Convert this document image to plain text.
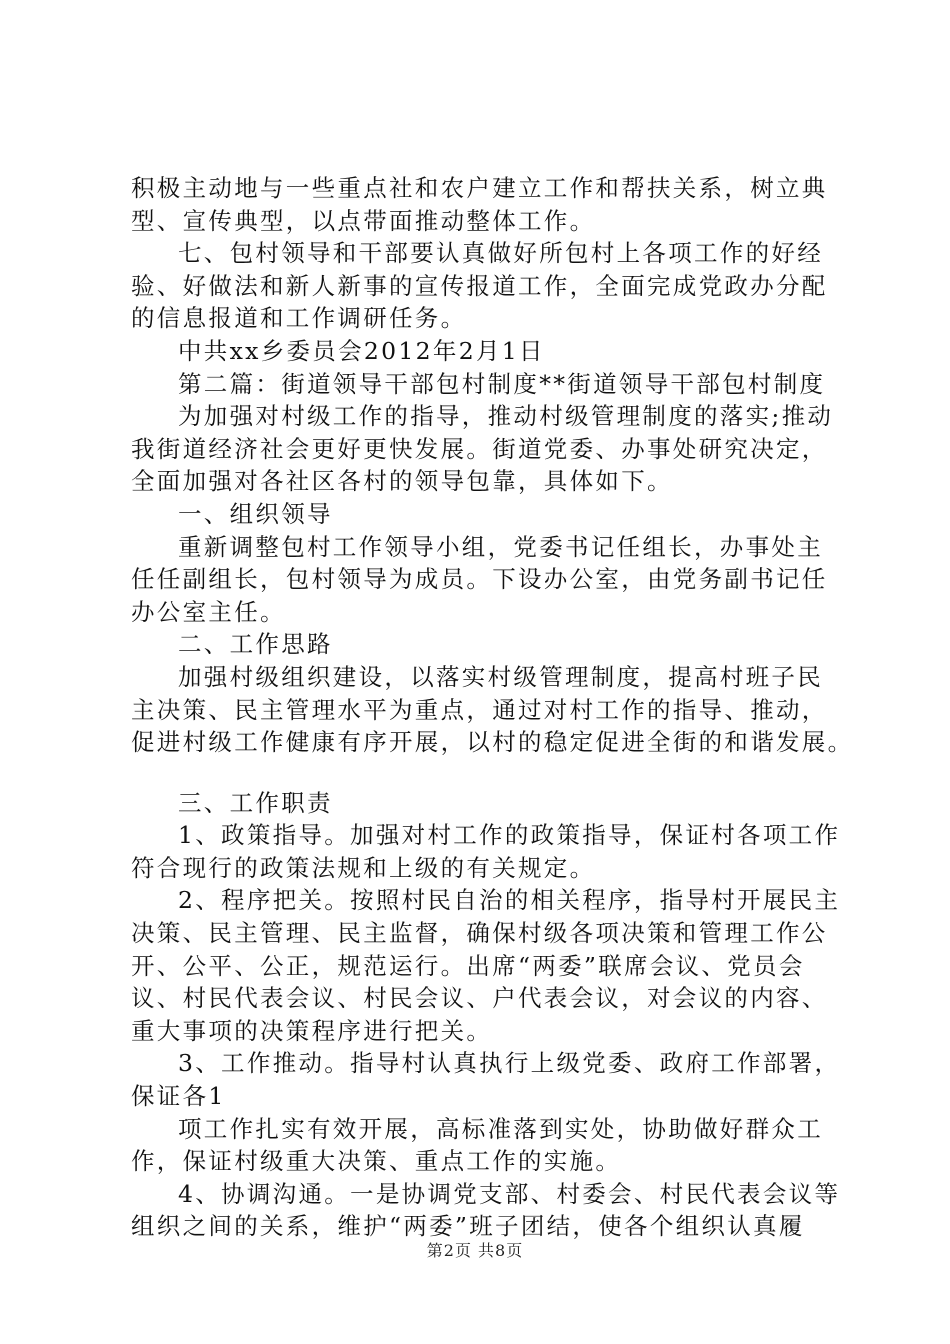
积极主动地与一些重点社和农户建立工作和帮扶关系，树立典
型、宣传典型，以点带面推动整体工作。
七、包村领导和干部要认真做好所包村上各项工作的好经
验、好做法和新人新事的宣传报道工作，全面完成党政办分配
的信息报道和工作调研任务。
中共xx乡委员会2012年2月1日
第二篇：街道领导干部包村制度**街道领导干部包村制度
为加强对村级工作的指导，推动村级管理制度的落实;推动
我街道经济社会更好更快发展。街道党委、办事处研究决定，
全面加强对各社区各村的领导包靠，具体如下。
一、组织领导
重新调整包村工作领导小组，党委书记任组长，办事处主
任任副组长，包村领导为成员。下设办公室，由党务副书记任
办公室主任。
二、工作思路
加强村级组织建设，以落实村级管理制度，提高村班子民
主决策、民主管理水平为重点，通过对村工作的指导、推动，
促进村级工作健康有序开展，以村的稳定促进全街的和谐发展。
三、工作职责
1、政策指导。加强对村工作的政策指导，保证村各项工作
符合现行的政策法规和上级的有关规定。
2、程序把关。按照村民自治的相关程序，指导村开展民主
决策、民主管理、民主监督，确保村级各项决策和管理工作公
开、公平、公正，规范运行。出席“两委”联席会议、党员会
议、村民代表会议、村民会议、户代表会议，对会议的内容、
重大事项的决策程序进行把关。
3、工作推动。指导村认真执行上级党委、政府工作部署，
保证各1
项工作扎实有效开展，高标准落到实处，协助做好群众工
作，保证村级重大决策、重点工作的实施。
4、协调沟通。一是协调党支部、村委会、村民代表会议等
组织之间的关系，维护“两委”班子团结，使各个组织认真履
第2页 共8页
